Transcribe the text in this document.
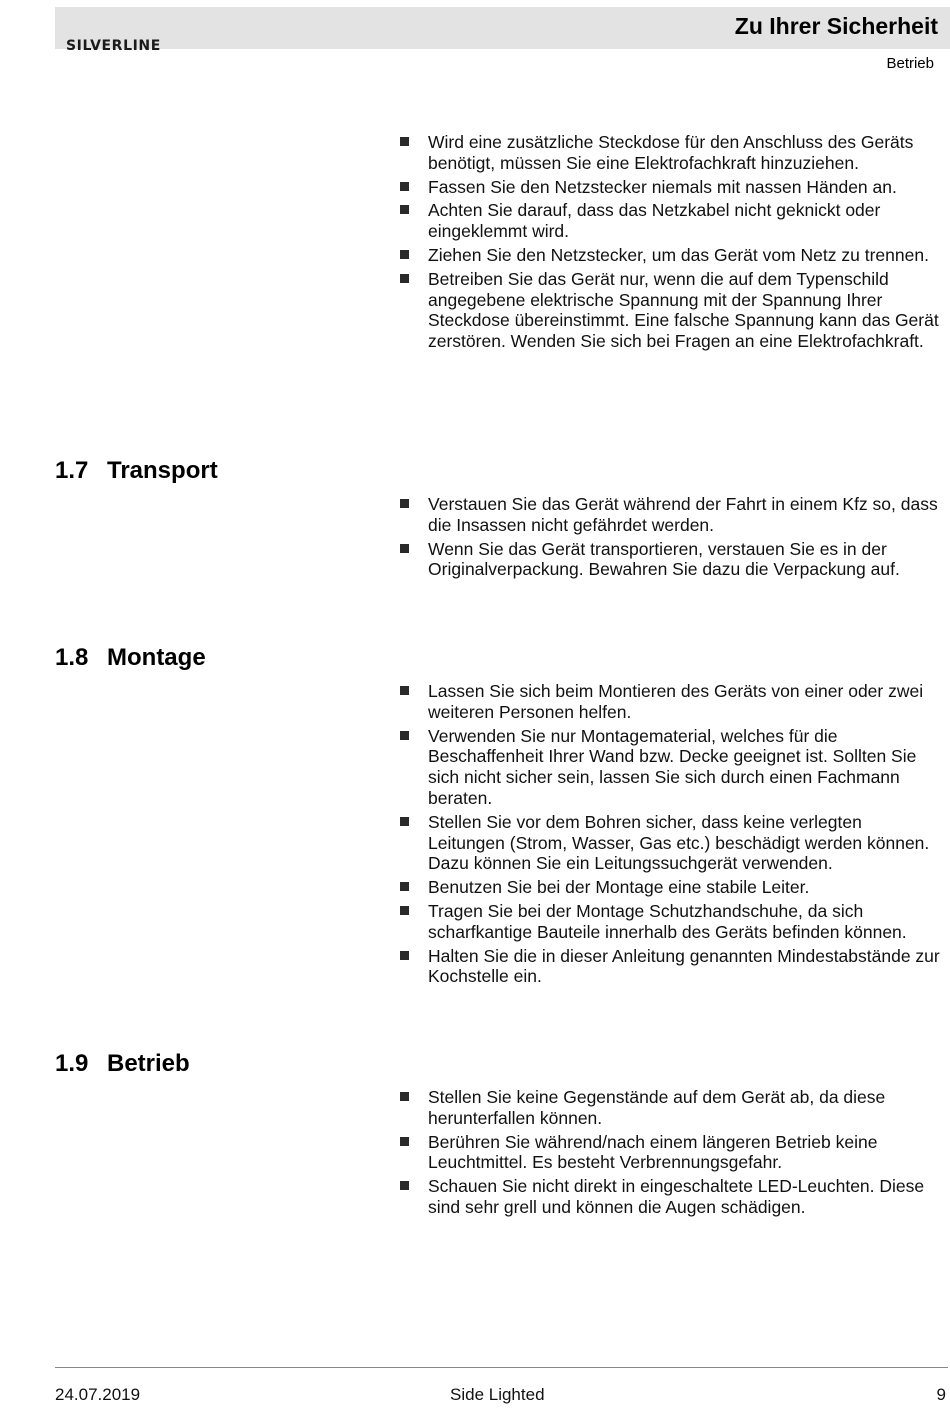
SILVERLINE
Zu Ihrer Sicherheit
Betrieb
Wird eine zusätzliche Steckdose für den Anschluss des Geräts benötigt, müssen Sie eine Elektrofachkraft hinzuziehen.
Fassen Sie den Netzstecker niemals mit nassen Händen an.
Achten Sie darauf, dass das Netzkabel nicht geknickt oder eingeklemmt wird.
Ziehen Sie den Netzstecker, um das Gerät vom Netz zu trennen.
Betreiben Sie das Gerät nur, wenn die auf dem Typenschild angegebene elektrische Spannung mit der Spannung Ihrer Steckdose übereinstimmt. Eine falsche Spannung kann das Gerät zerstören. Wenden Sie sich bei Fragen an eine Elektrofachkraft.
1.7 Transport
Verstauen Sie das Gerät während der Fahrt in einem Kfz so, dass die Insassen nicht gefährdet werden.
Wenn Sie das Gerät transportieren, verstauen Sie es in der Originalverpackung. Bewahren Sie dazu die Verpackung auf.
1.8 Montage
Lassen Sie sich beim Montieren des Geräts von einer oder zwei weiteren Personen helfen.
Verwenden Sie nur Montagematerial, welches für die Beschaffenheit Ihrer Wand bzw. Decke geeignet ist. Sollten Sie sich nicht sicher sein, lassen Sie sich durch einen Fachmann beraten.
Stellen Sie vor dem Bohren sicher, dass keine verlegten Leitungen (Strom, Wasser, Gas etc.) beschädigt werden können. Dazu können Sie ein Leitungssuchgerät verwenden.
Benutzen Sie bei der Montage eine stabile Leiter.
Tragen Sie bei der Montage Schutzhandschuhe, da sich scharfkantige Bauteile innerhalb des Geräts befinden können.
Halten Sie die in dieser Anleitung genannten Mindestabstände zur Kochstelle ein.
1.9 Betrieb
Stellen Sie keine Gegenstände auf dem Gerät ab, da diese herunterfallen können.
Berühren Sie während/nach einem längeren Betrieb keine Leuchtmittel. Es besteht Verbrennungsgefahr.
Schauen Sie nicht direkt in eingeschaltete LED-Leuchten. Diese sind sehr grell und können die Augen schädigen.
24.07.2019	Side Lighted	9
